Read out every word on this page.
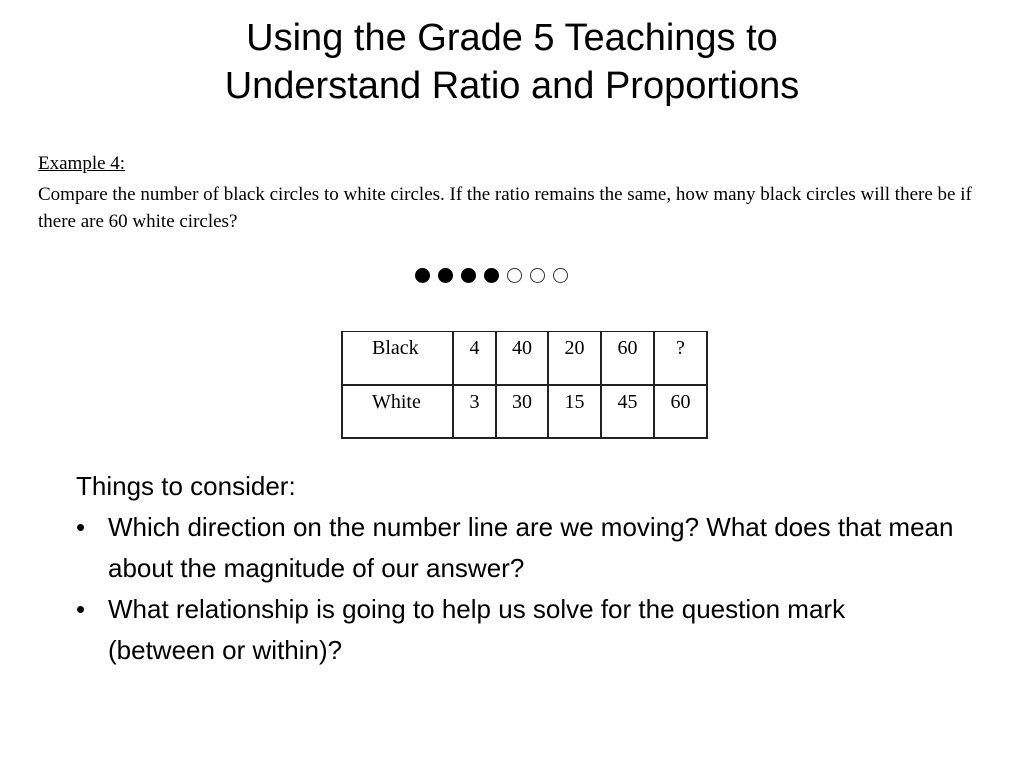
Using the Grade 5 Teachings to
Understand Ratio and Proportions
Example 4:
Compare the number of black circles to white circles. If the ratio remains the same, how many black circles will there be if there are 60 white circles?
Black	4	40	20	60	?
White	3	30	15	45	60
Things to consider:
• Which direction on the number line are we moving? What does that mean about the magnitude of our answer?
• What relationship is going to help us solve for the question mark (between or within)?
